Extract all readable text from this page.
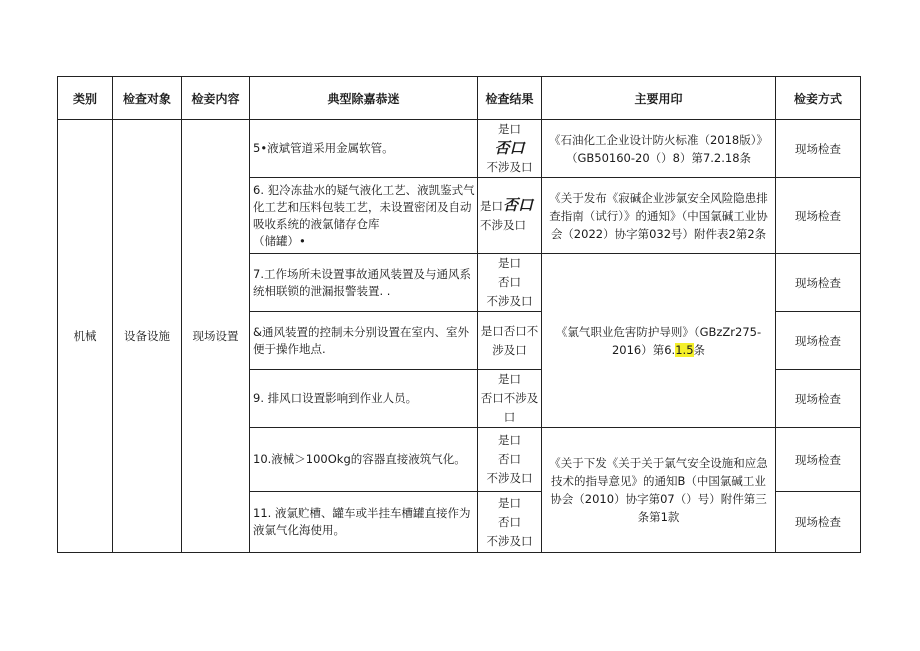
类别	检查对象	检妾内容	典型除嘉恭迷	检查结果	主要用印	检妾方式
机械	设备设施	现场设置	5•液斌管道采用金属软管。	是口
否口
不涉及口	《石油化工企业设计防火标准（2018版）》（GB50160-20（）8）第7.2.18条	现场检查
			6. 犯冷冻盐水的疑气液化工艺、液凯鉴式气化工艺和压料包装工艺，未设置密闭及自动吸收系统的液氯储存仓库
（储罐）•	是口否口不涉及口	《关于发布《寂碱企业涉氯安全风险隐患排查指南（试行）》的通知》（中国氯碱工业协会（2022）协字第032号）附件表2第2条	现场检查
			7.工作场所未设置事故通风装置及与通风系统相联锁的泄漏报警装置. .	是口
否口
不涉及口	《氯气职业危害防护导则》（GBzZr275-2016）第6.1.5条	现场检查
			&通风装置的控制未分别设置在室内、室外便于操作地点.	是口否口不
涉及口		现场检查
			9. 排风口设置影响到作业人员。	是口
否口不涉及
口		现场检查
			10.液械＞100Okg的容器直接液筑气化。	是口
否口
不涉及口	《关于下发《关于关于氯气安全设施和应急技术的指导意见》的通知B（中国氯碱工业协会（2010）协字第07（）号）附件第三条第1款	现场检查
			11. 液氯贮槽、罐车或半挂车槽罐直接作为液氯气化海使用。	是口
否口
不涉及口		现场检查
